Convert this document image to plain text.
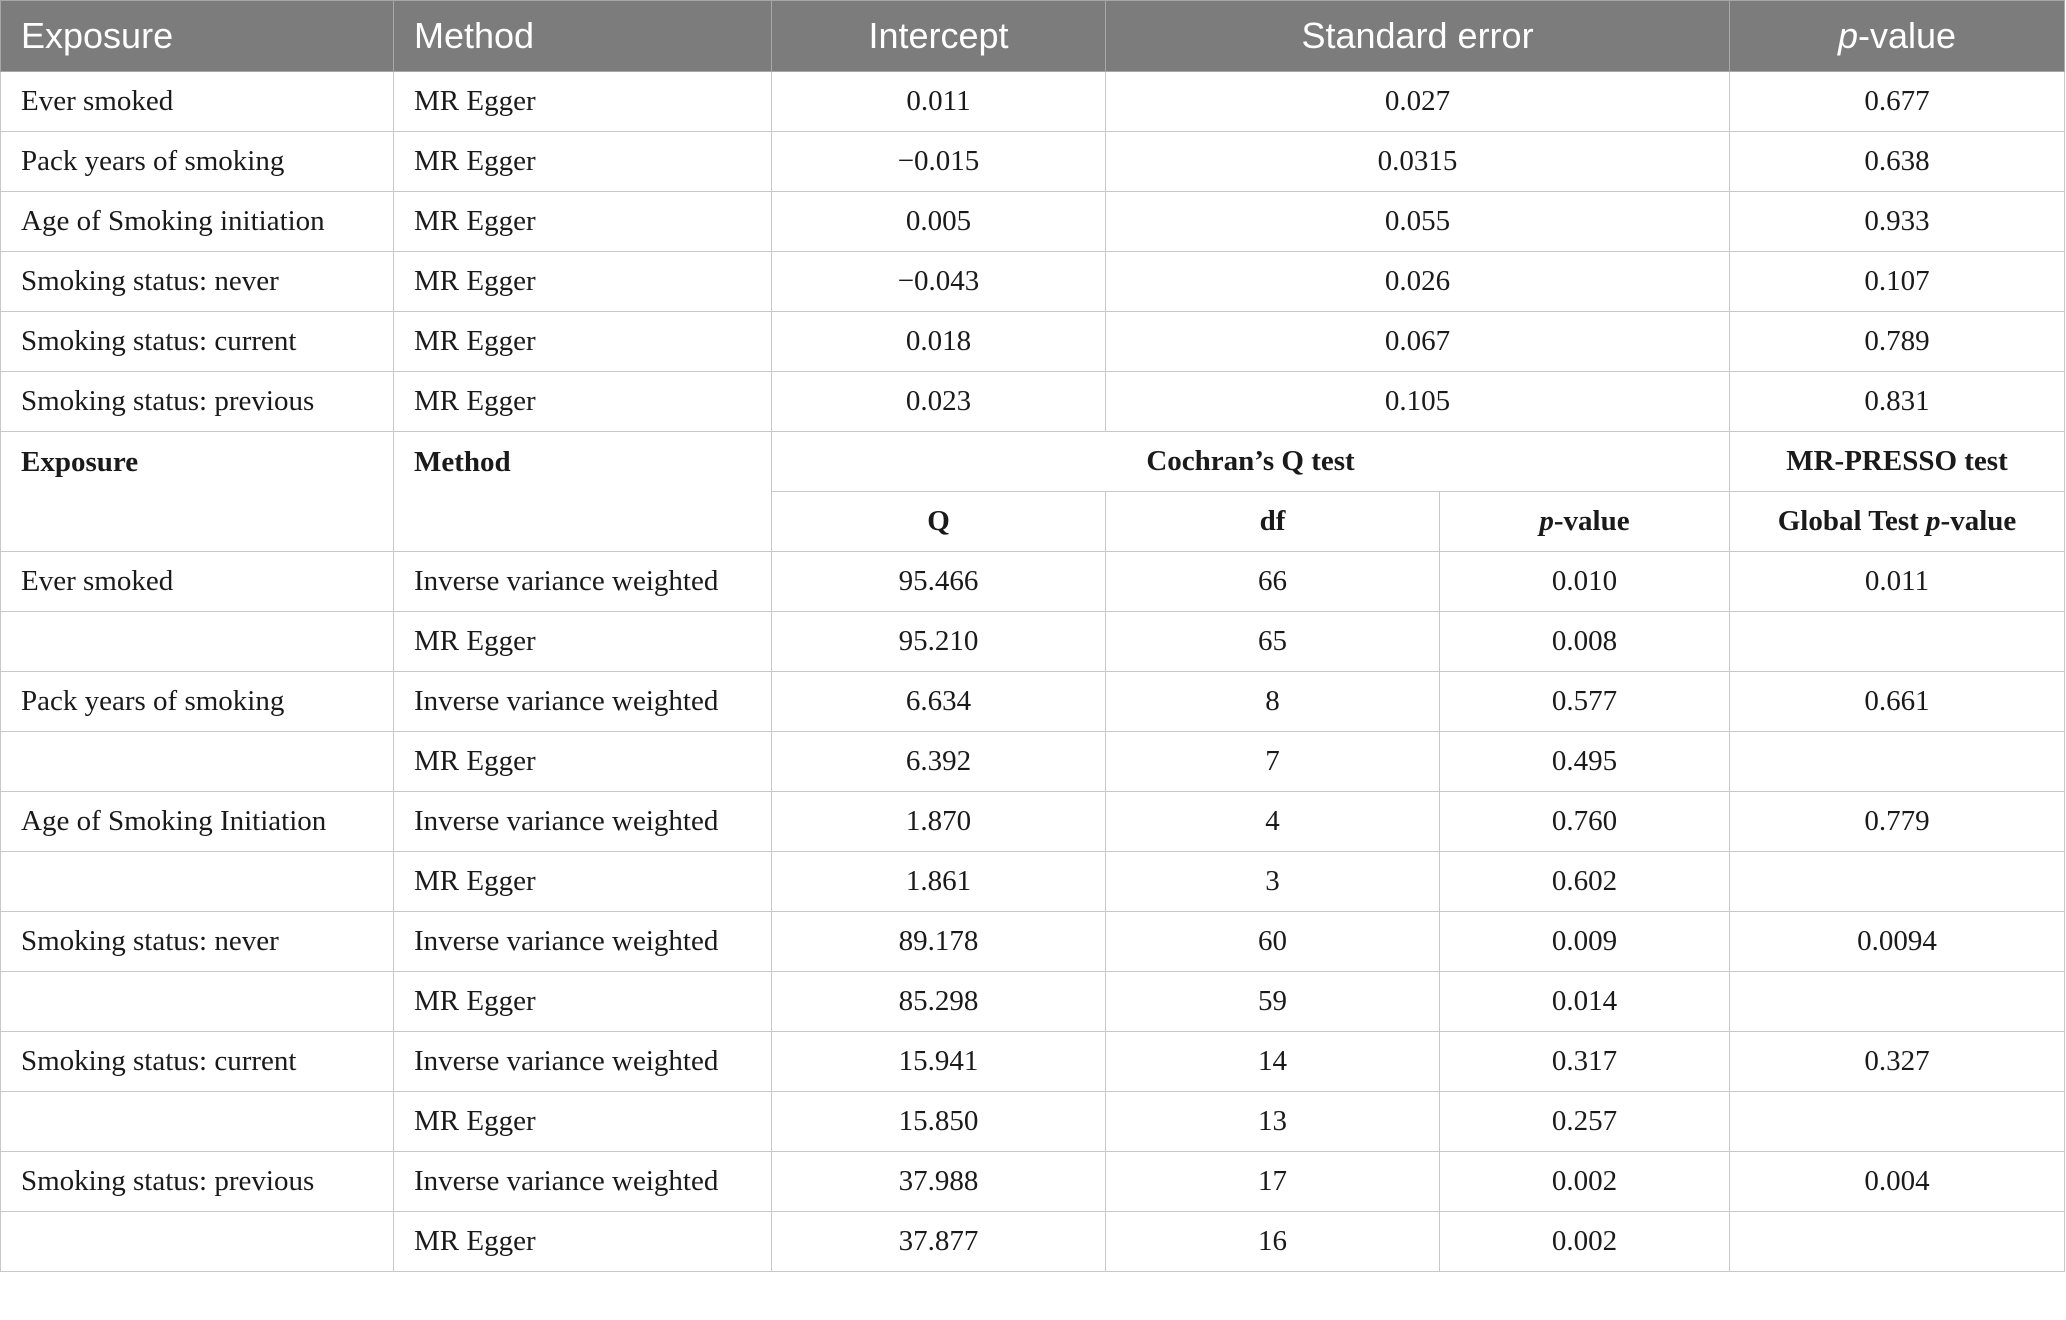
Exposure	Method	Intercept	Standard error		p-value
Ever smoked	MR Egger	0.011	0.027		0.677
Pack years of smoking	MR Egger	−0.015	0.0315		0.638
Age of Smoking initiation	MR Egger	0.005	0.055		0.933
Smoking status: never	MR Egger	−0.043	0.026		0.107
Smoking status: current	MR Egger	0.018	0.067		0.789
Smoking status: previous	MR Egger	0.023	0.105		0.831
Exposure	Method	Cochran’s Q test			MR-PRESSO test
		Q	df	p-value	Global Test p-value
Ever smoked	Inverse variance weighted	95.466	66	0.010	0.011
	MR Egger	95.210	65	0.008	
Pack years of smoking	Inverse variance weighted	6.634	8	0.577	0.661
	MR Egger	6.392	7	0.495	
Age of Smoking Initiation	Inverse variance weighted	1.870	4	0.760	0.779
	MR Egger	1.861	3	0.602	
Smoking status: never	Inverse variance weighted	89.178	60	0.009	0.0094
	MR Egger	85.298	59	0.014	
Smoking status: current	Inverse variance weighted	15.941	14	0.317	0.327
	MR Egger	15.850	13	0.257	
Smoking status: previous	Inverse variance weighted	37.988	17	0.002	0.004
	MR Egger	37.877	16	0.002	
